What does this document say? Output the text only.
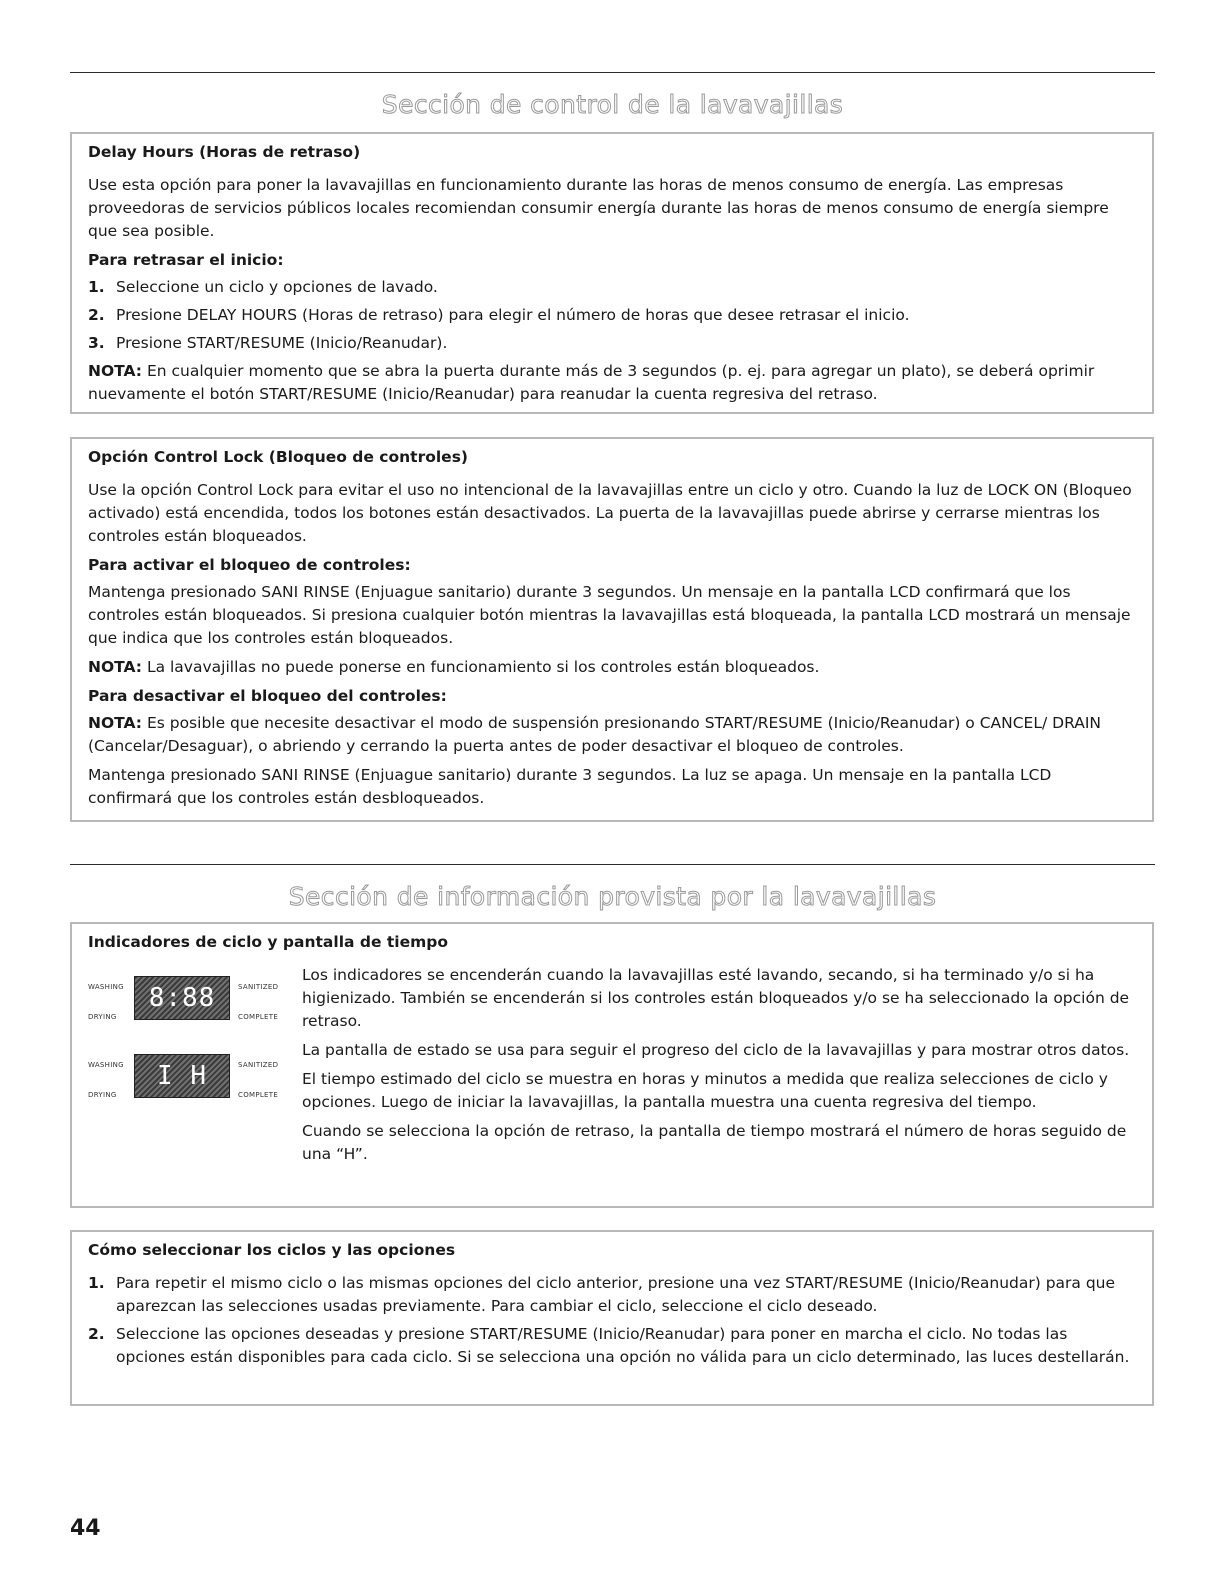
Sección de control de la lavavajillas
Delay Hours (Horas de retraso)

Use esta opción para poner la lavavajillas en funcionamiento durante las horas de menos consumo de energía. Las empresas proveedoras de servicios públicos locales recomiendan consumir energía durante las horas de menos consumo de energía siempre que sea posible.

Para retrasar el inicio:

1. Seleccione un ciclo y opciones de lavado.
2. Presione DELAY HOURS (Horas de retraso) para elegir el número de horas que desee retrasar el inicio.
3. Presione START/RESUME (Inicio/Reanudar).

NOTA: En cualquier momento que se abra la puerta durante más de 3 segundos (p. ej. para agregar un plato), se deberá oprimir nuevamente el botón START/RESUME (Inicio/Reanudar) para reanudar la cuenta regresiva del retraso.

Opción Control Lock (Bloqueo de controles)

Use la opción Control Lock para evitar el uso no intencional de la lavavajillas entre un ciclo y otro. Cuando la luz de LOCK ON (Bloqueo activado) está encendida, todos los botones están desactivados. La puerta de la lavavajillas puede abrirse y cerrarse mientras los controles están bloqueados.

Para activar el bloqueo de controles:

Mantenga presionado SANI RINSE (Enjuague sanitario) durante 3 segundos. Un mensaje en la pantalla LCD confirmará que los controles están bloqueados. Si presiona cualquier botón mientras la lavavajillas está bloqueada, la pantalla LCD mostrará un mensaje que indica que los controles están bloqueados.

NOTA: La lavavajillas no puede ponerse en funcionamiento si los controles están bloqueados.

Para desactivar el bloqueo del controles:

NOTA: Es posible que necesite desactivar el modo de suspensión presionando START/RESUME (Inicio/Reanudar) o CANCEL/ DRAIN (Cancelar/Desaguar), o abriendo y cerrando la puerta antes de poder desactivar el bloqueo de controles.

Mantenga presionado SANI RINSE (Enjuague sanitario) durante 3 segundos. La luz se apaga. Un mensaje en la pantalla LCD confirmará que los controles están desbloqueados.

Sección de información provista por la lavavajillas
Indicadores de ciclo y pantalla de tiempo
WASHING
DRYING
8:88	SANITIZED
COMPLETE
WASHING
DRYING
I H	SANITIZED
COMPLETE

Los indicadores se encenderán cuando la lavavajillas esté lavando, secando, si ha terminado y/o si ha higienizado. También se encenderán si los controles están bloqueados y/o se ha seleccionado la opción de retraso.

La pantalla de estado se usa para seguir el progreso del ciclo de la lavavajillas y para mostrar otros datos.

El tiempo estimado del ciclo se muestra en horas y minutos a medida que realiza selecciones de ciclo y opciones. Luego de iniciar la lavavajillas, la pantalla muestra una cuenta regresiva del tiempo.

Cuando se selecciona la opción de retraso, la pantalla de tiempo mostrará el número de horas seguido de una “H”.

Cómo seleccionar los ciclos y las opciones
1. Para repetir el mismo ciclo o las mismas opciones del ciclo anterior, presione una vez START/RESUME (Inicio/Reanudar) para que aparezcan las selecciones usadas previamente. Para cambiar el ciclo, seleccione el ciclo deseado.
2. Seleccione las opciones deseadas y presione START/RESUME (Inicio/Reanudar) para poner en marcha el ciclo. No todas las opciones están disponibles para cada ciclo. Si se selecciona una opción no válida para un ciclo determinado, las luces destellarán.
44
